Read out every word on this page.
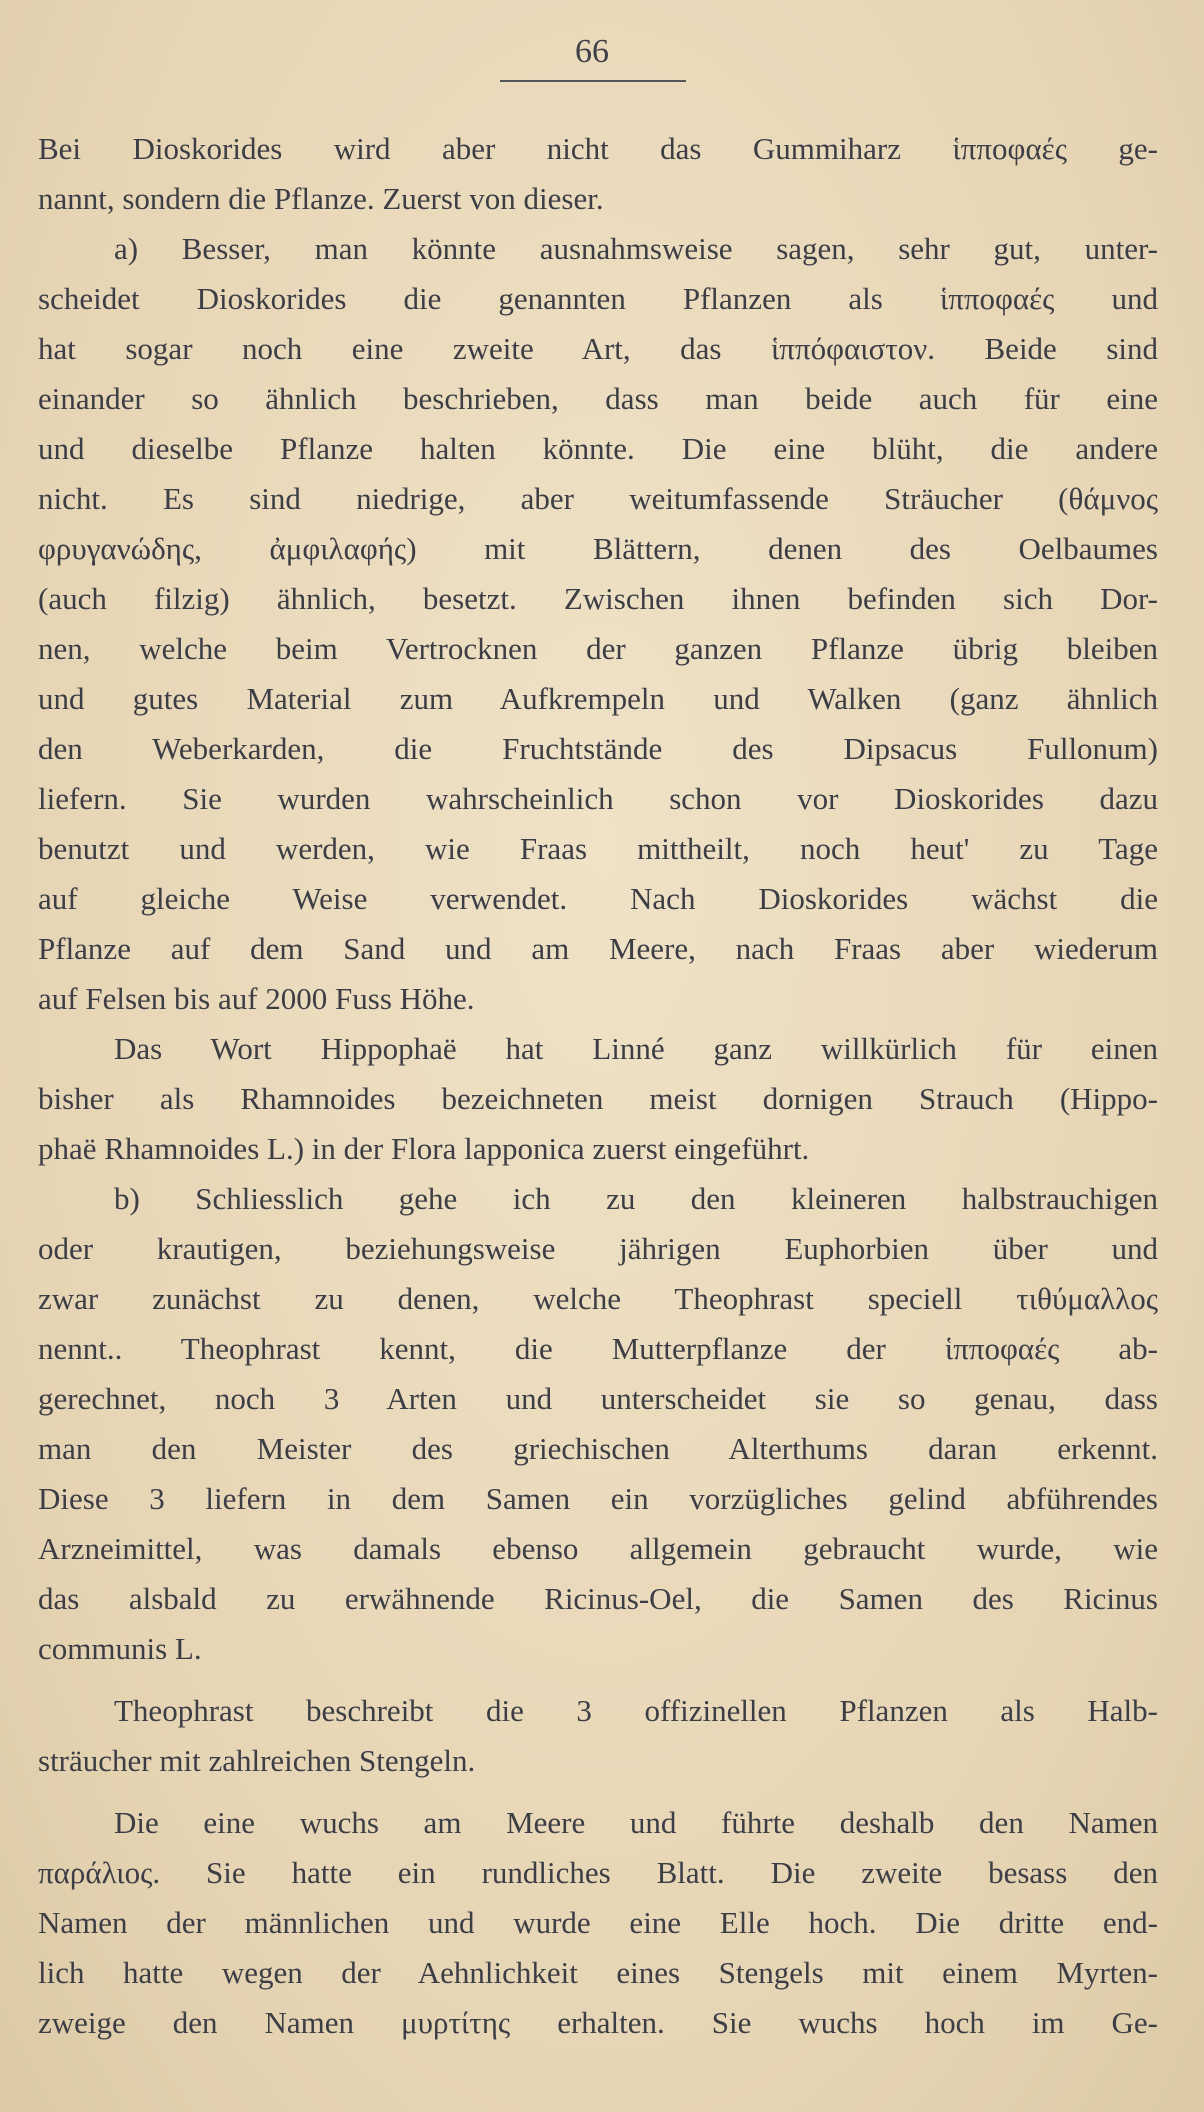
66
Bei Dioskorides wird aber nicht das Gummiharz ἱπποφαές ge-
nannt, sondern die Pflanze. Zuerst von dieser.
a) Besser, man könnte ausnahmsweise sagen, sehr gut, unter-
scheidet Dioskorides die genannten Pflanzen als ἱπποφαές und
hat sogar noch eine zweite Art, das ἱππόφαιστον. Beide sind
einander so ähnlich beschrieben, dass man beide auch für eine
und dieselbe Pflanze halten könnte. Die eine blüht, die andere
nicht. Es sind niedrige, aber weitumfassende Sträucher (θάμνος
φρυγανώδης, ἀμφιλαφής) mit Blättern, denen des Oelbaumes
(auch filzig) ähnlich, besetzt. Zwischen ihnen befinden sich Dor-
nen, welche beim Vertrocknen der ganzen Pflanze übrig bleiben
und gutes Material zum Aufkrempeln und Walken (ganz ähnlich
den Weberkarden, die Fruchtstände des Dipsacus Fullonum)
liefern. Sie wurden wahrscheinlich schon vor Dioskorides dazu
benutzt und werden, wie Fraas mittheilt, noch heut' zu Tage
auf gleiche Weise verwendet. Nach Dioskorides wächst die
Pflanze auf dem Sand und am Meere, nach Fraas aber wiederum
auf Felsen bis auf 2000 Fuss Höhe.
Das Wort Hippophaë hat Linné ganz willkürlich für einen
bisher als Rhamnoides bezeichneten meist dornigen Strauch (Hippo-
phaë Rhamnoides L.) in der Flora lapponica zuerst eingeführt.
b) Schliesslich gehe ich zu den kleineren halbstrauchigen
oder krautigen, beziehungsweise jährigen Euphorbien über und
zwar zunächst zu denen, welche Theophrast speciell τιθύμαλλος
nennt.. Theophrast kennt, die Mutterpflanze der ἱπποφαές ab-
gerechnet, noch 3 Arten und unterscheidet sie so genau, dass
man den Meister des griechischen Alterthums daran erkennt.
Diese 3 liefern in dem Samen ein vorzügliches gelind abführendes
Arzneimittel, was damals ebenso allgemein gebraucht wurde, wie
das alsbald zu erwähnende Ricinus-Oel, die Samen des Ricinus
communis L.
Theophrast beschreibt die 3 offizinellen Pflanzen als Halb-
sträucher mit zahlreichen Stengeln.
Die eine wuchs am Meere und führte deshalb den Namen
παράλιος. Sie hatte ein rundliches Blatt. Die zweite besass den
Namen der männlichen und wurde eine Elle hoch. Die dritte end-
lich hatte wegen der Aehnlichkeit eines Stengels mit einem Myrten-
zweige den Namen μυρτίτης erhalten. Sie wuchs hoch im Ge-
